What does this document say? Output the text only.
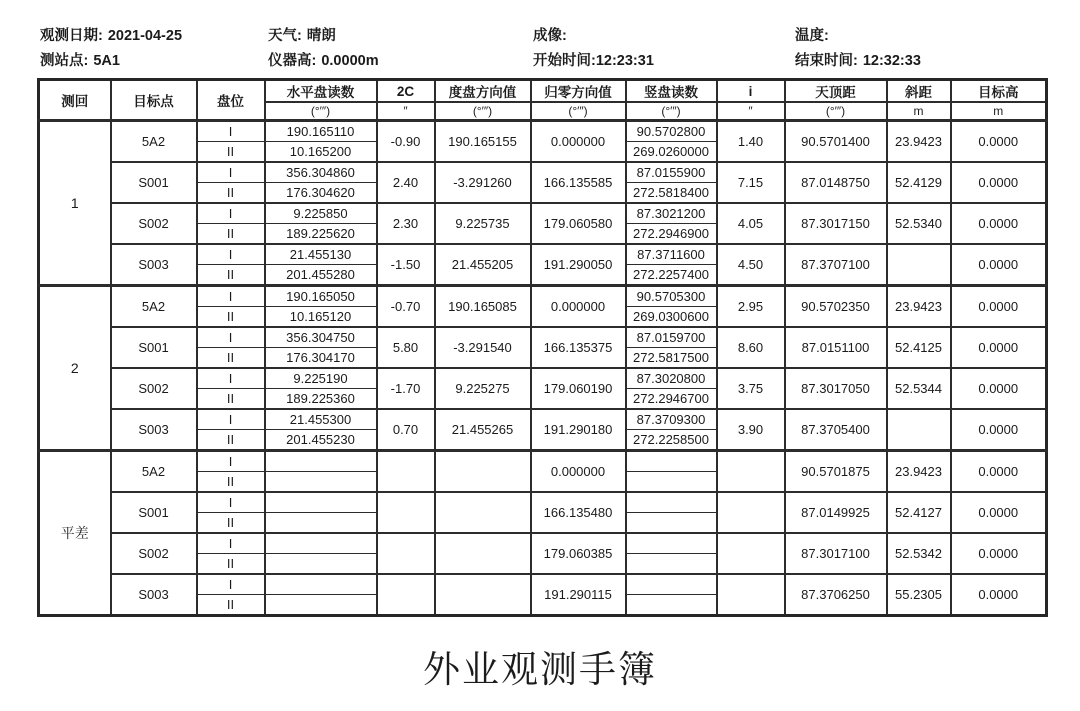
观测日期: 2021-04-25
测站点: 5A1
天气: 晴朗
仪器高: 0.0000m
成像:
开始时间:12:23:31
温度:
结束时间: 12:32:33
测回	目标点	盘位	水平盘读数	2C	度盘方向值	归零方向值	竖盘读数	i	天顶距	斜距	目标高
			(°′″)	″	(°′″)	(°′″)	(°′″)	″	(°′″)	m	m
1	5A2	I	190.165110	-0.90	190.165155	0.000000	90.5702800	1.40	90.5701400	23.9423	0.0000
		II	10.165200				269.0260000				
	S001	I	356.304860	2.40	-3.291260	166.135585	87.0155900	7.15	87.0148750	52.4129	0.0000
		II	176.304620				272.5818400				
	S002	I	9.225850	2.30	9.225735	179.060580	87.3021200	4.05	87.3017150	52.5340	0.0000
		II	189.225620				272.2946900				
	S003	I	21.455130	-1.50	21.455205	191.290050	87.3711600	4.50	87.3707100		0.0000
		II	201.455280				272.2257400				
2	5A2	I	190.165050	-0.70	190.165085	0.000000	90.5705300	2.95	90.5702350	23.9423	0.0000
		II	10.165120				269.0300600				
	S001	I	356.304750	5.80	-3.291540	166.135375	87.0159700	8.60	87.0151100	52.4125	0.0000
		II	176.304170				272.5817500				
	S002	I	9.225190	-1.70	9.225275	179.060190	87.3020800	3.75	87.3017050	52.5344	0.0000
		II	189.225360				272.2946700				
	S003	I	21.455300	0.70	21.455265	191.290180	87.3709300	3.90	87.3705400		0.0000
		II	201.455230				272.2258500				
平差	5A2	I				0.000000			90.5701875	23.9423	0.0000
		II									
	S001	I				166.135480			87.0149925	52.4127	0.0000
		II									
	S002	I				179.060385			87.3017100	52.5342	0.0000
		II									
	S003	I				191.290115			87.3706250	55.2305	0.0000
		II									
外业观测手簿
